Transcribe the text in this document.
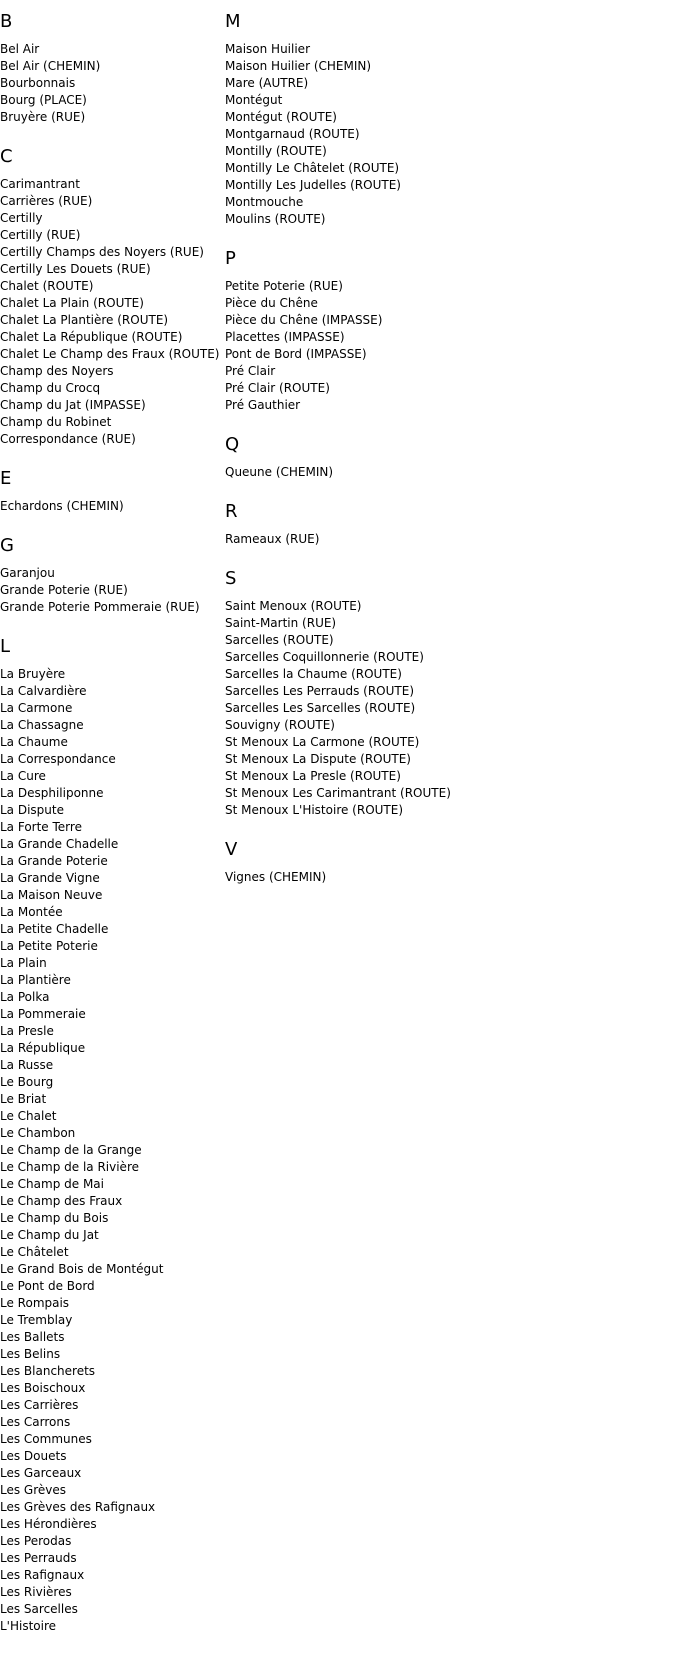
B
Bel Air
Bel Air (CHEMIN)
Bourbonnais
Bourg (PLACE)
Bruyère (RUE)
C
Carimantrant
Carrières (RUE)
Certilly
Certilly (RUE)
Certilly Champs des Noyers (RUE)
Certilly Les Douets (RUE)
Chalet (ROUTE)
Chalet La Plain (ROUTE)
Chalet La Plantière (ROUTE)
Chalet La République (ROUTE)
Chalet Le Champ des Fraux (ROUTE)
Champ des Noyers
Champ du Crocq
Champ du Jat (IMPASSE)
Champ du Robinet
Correspondance (RUE)
E
Echardons (CHEMIN)
G
Garanjou
Grande Poterie (RUE)
Grande Poterie Pommeraie (RUE)
L
La Bruyère
La Calvardière
La Carmone
La Chassagne
La Chaume
La Correspondance
La Cure
La Desphiliponne
La Dispute
La Forte Terre
La Grande Chadelle
La Grande Poterie
La Grande Vigne
La Maison Neuve
La Montée
La Petite Chadelle
La Petite Poterie
La Plain
La Plantière
La Polka
La Pommeraie
La Presle
La République
La Russe
Le Bourg
Le Briat
Le Chalet
Le Chambon
Le Champ de la Grange
Le Champ de la Rivière
Le Champ de Mai
Le Champ des Fraux
Le Champ du Bois
Le Champ du Jat
Le Châtelet
Le Grand Bois de Montégut
Le Pont de Bord
Le Rompais
Le Tremblay
Les Ballets
Les Belins
Les Blancherets
Les Boischoux
Les Carrières
Les Carrons
Les Communes
Les Douets
Les Garceaux
Les Grèves
Les Grèves des Rafignaux
Les Hérondières
Les Perodas
Les Perrauds
Les Rafignaux
Les Rivières
Les Sarcelles
L'Histoire
M
Maison Huilier
Maison Huilier (CHEMIN)
Mare (AUTRE)
Montégut
Montégut (ROUTE)
Montgarnaud (ROUTE)
Montilly (ROUTE)
Montilly Le Châtelet (ROUTE)
Montilly Les Judelles (ROUTE)
Montmouche
Moulins (ROUTE)
P
Petite Poterie (RUE)
Pièce du Chêne
Pièce du Chêne (IMPASSE)
Placettes (IMPASSE)
Pont de Bord (IMPASSE)
Pré Clair
Pré Clair (ROUTE)
Pré Gauthier
Q
Queune (CHEMIN)
R
Rameaux (RUE)
S
Saint Menoux (ROUTE)
Saint-Martin (RUE)
Sarcelles (ROUTE)
Sarcelles Coquillonnerie (ROUTE)
Sarcelles la Chaume (ROUTE)
Sarcelles Les Perrauds (ROUTE)
Sarcelles Les Sarcelles (ROUTE)
Souvigny (ROUTE)
St Menoux La Carmone (ROUTE)
St Menoux La Dispute (ROUTE)
St Menoux La Presle (ROUTE)
St Menoux Les Carimantrant (ROUTE)
St Menoux L'Histoire (ROUTE)
V
Vignes (CHEMIN)
